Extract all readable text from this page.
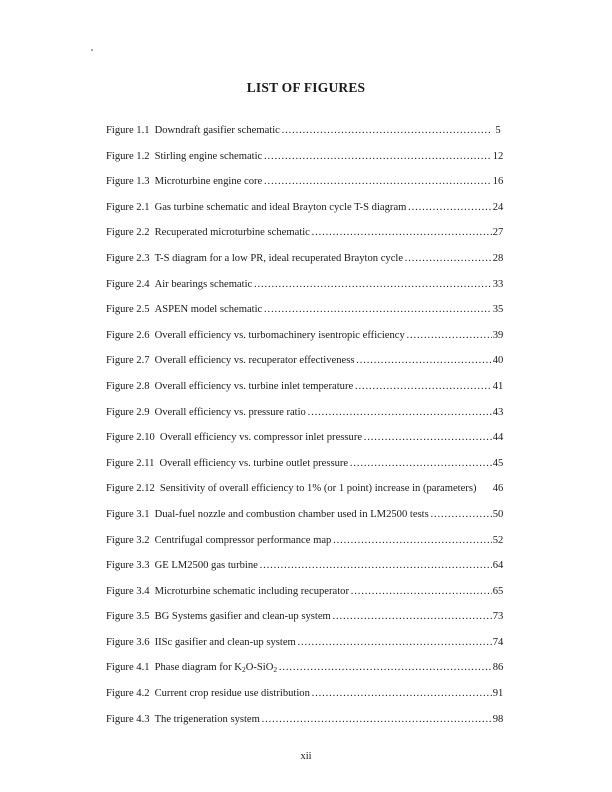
LIST OF FIGURES
Figure 1.1 Downdraft gasifier schematic . . .	5
Figure 1.2 Stirling engine schematic . . .	12
Figure 1.3 Microturbine engine core . . .	16
Figure 2.1 Gas turbine schematic and ideal Brayton cycle T-S diagram . . .	24
Figure 2.2 Recuperated microturbine schematic . . .	27
Figure 2.3 T-S diagram for a low PR, ideal recuperated Brayton cycle . . .	28
Figure 2.4 Air bearings schematic . . .	33
Figure 2.5 ASPEN model schematic . . .	35
Figure 2.6 Overall efficiency vs. turbomachinery isentropic efficiency . . .	39
Figure 2.7 Overall efficiency vs. recuperator effectiveness . . .	40
Figure 2.8 Overall efficiency vs. turbine inlet temperature . . .	41
Figure 2.9 Overall efficiency vs. pressure ratio . . .	43
Figure 2.10 Overall efficiency vs. compressor inlet pressure . . .	44
Figure 2.11 Overall efficiency vs. turbine outlet pressure . . .	45
Figure 2.12 Sensitivity of overall efficiency to 1% (or 1 point) increase in (parameters)	46
Figure 3.1 Dual-fuel nozzle and combustion chamber used in LM2500 tests . . .	50
Figure 3.2 Centrifugal compressor performance map . . .	52
Figure 3.3 GE LM2500 gas turbine . . .	64
Figure 3.4 Microturbine schematic including recuperator . . .	65
Figure 3.5 BG Systems gasifier and clean-up system . . .	73
Figure 3.6 IISc gasifier and clean-up system . . .	74
Figure 4.1 Phase diagram for $K_2O-SiO_2$ . . .	86
Figure 4.2 Current crop residue use distribution . . .	91
Figure 4.3 The trigeneration system . . .	98
xii
